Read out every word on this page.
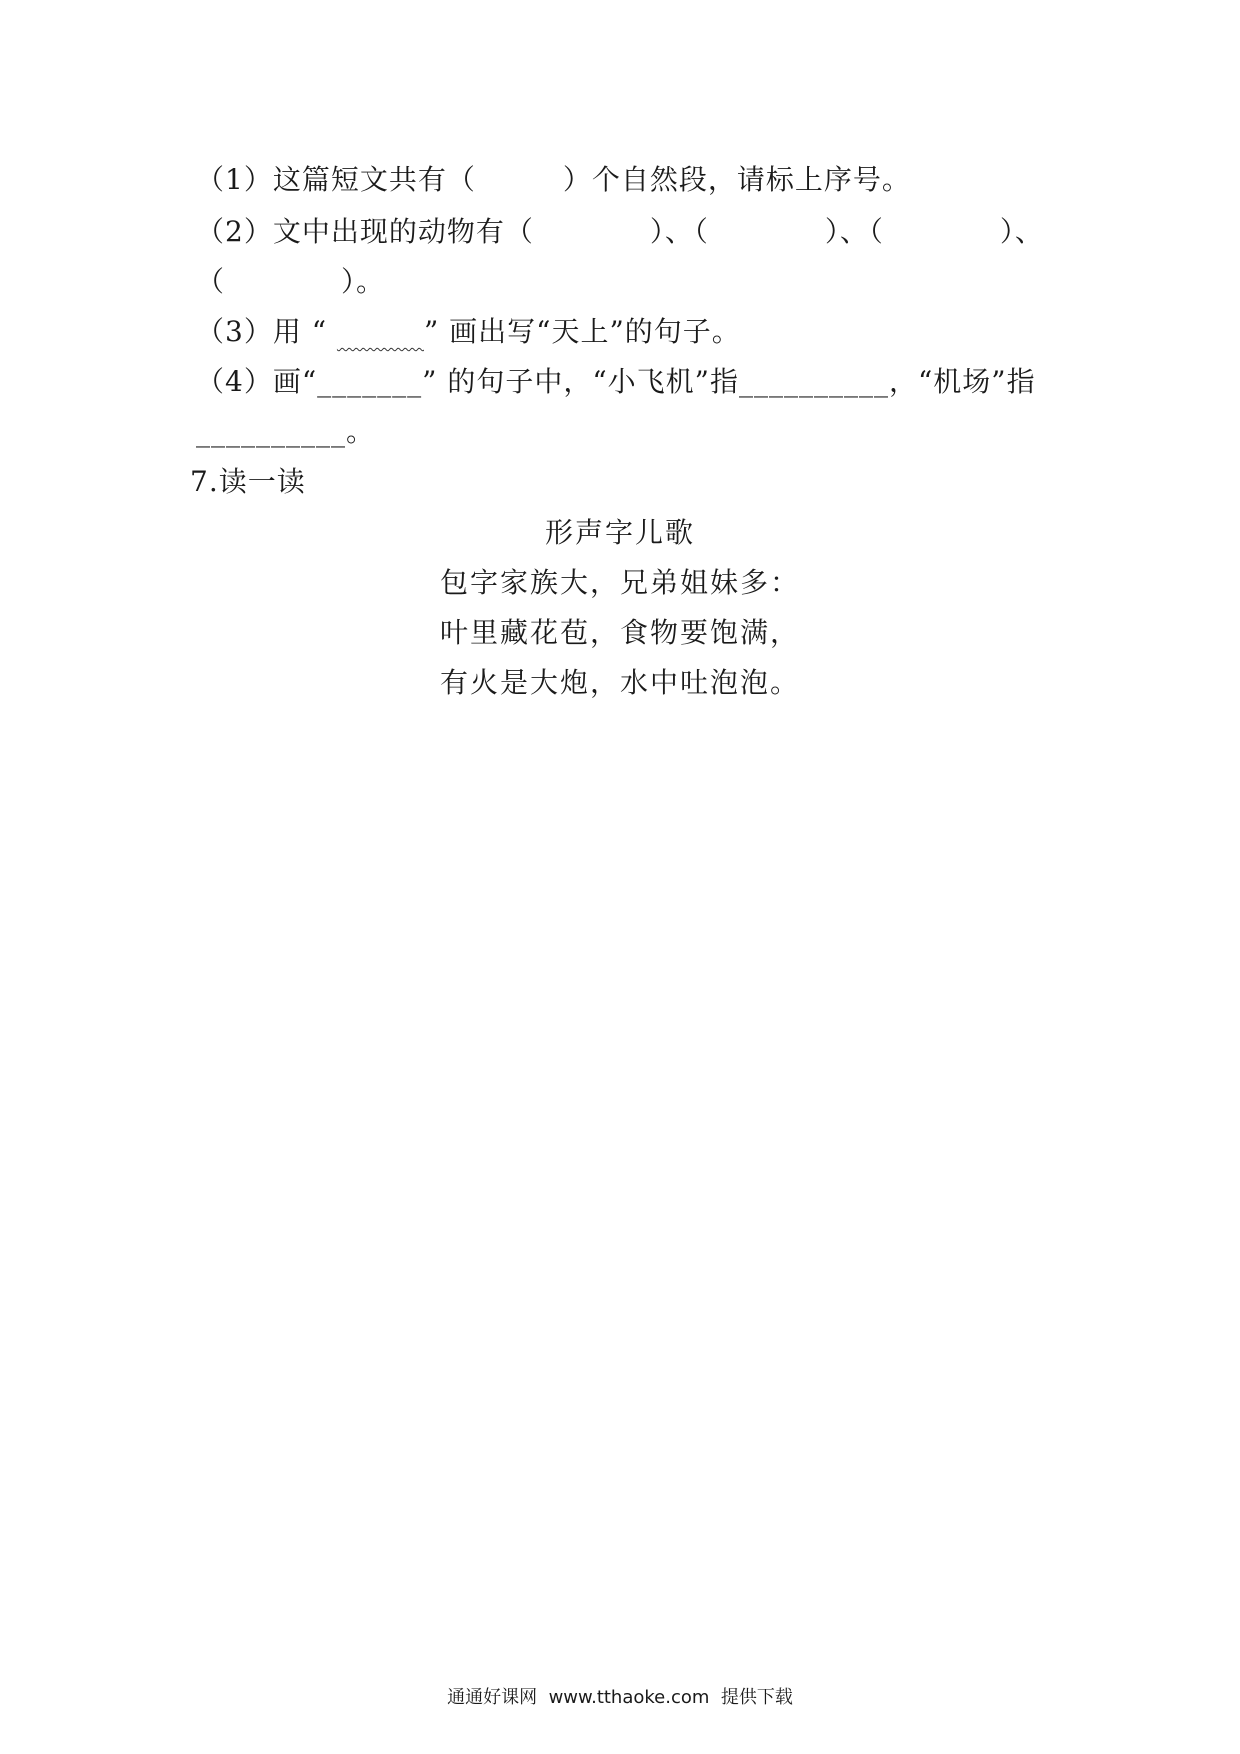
（1）这篇短文共有（　　　）个自然段，请标上序号。
（2）文中出现的动物有（　　　　）、（　　　　）、（　　　　）、
（　　　　）。
（3）用 “ 　　　	” 画出写“天上”的句子。
（4）画“_______” 的句子中，“小飞机”指__________，“机场”指
__________。
7.读一读
形声字儿歌
包字家族大，兄弟姐妹多：
叶里藏花苞，食物要饱满，
有火是大炮，水中吐泡泡。
通通好课网  www.tthaoke.com  提供下载
